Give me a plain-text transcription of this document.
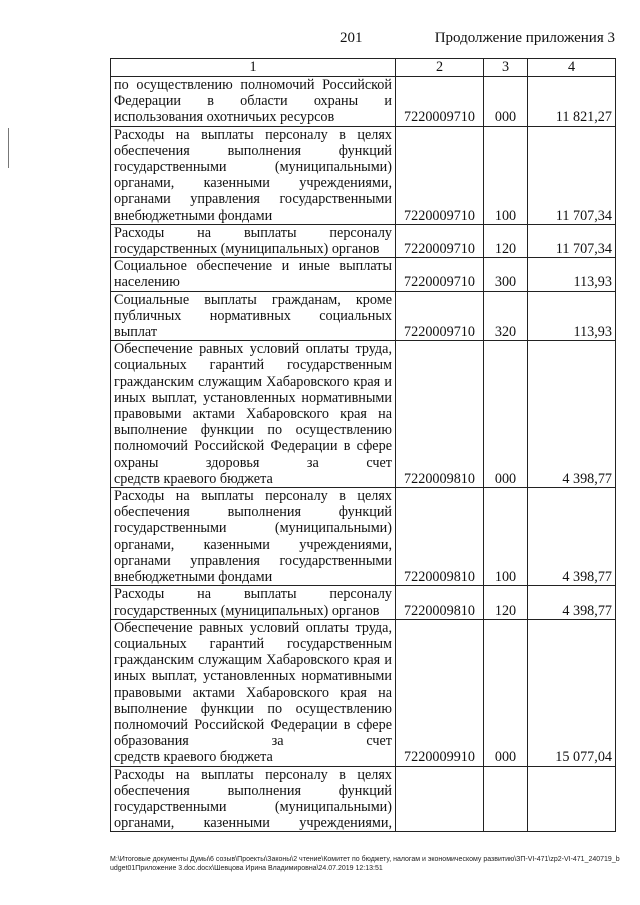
201	Продолжение приложения 3
1	2	3	4
по осуществлению полномочий Российской Федерации в области охраны и
использования охотничьих ресурсов	7220009710	000	11 821,27
Расходы на выплаты персоналу в целях обеспечения выполнения функций государственными (муниципальными) органами, казенными учреждениями, органами управления государственными
внебюджетными фондами	7220009710	100	11 707,34
Расходы на выплаты персоналу
государственных (муниципальных) органов	7220009710	120	11 707,34
Социальное обеспечение и иные выплаты
населению	7220009710	300	113,93
Социальные выплаты гражданам, кроме публичных нормативных социальных
выплат	7220009710	320	113,93
Обеспечение равных условий оплаты труда, социальных гарантий государственным гражданским служащим Хабаровского края и иных выплат, установленных нормативными правовыми актами Хабаровского края на выполнение функции по осуществлению полномочий Российской Федерации в сфере охраны здоровья за счет
средств краевого бюджета	7220009810	000	4 398,77
Расходы на выплаты персоналу в целях обеспечения выполнения функций государственными (муниципальными) органами, казенными учреждениями, органами управления государственными
внебюджетными фондами	7220009810	100	4 398,77
Расходы на выплаты персоналу
государственных (муниципальных) органов	7220009810	120	4 398,77
Обеспечение равных условий оплаты труда, социальных гарантий государственным гражданским служащим Хабаровского края и иных выплат, установленных нормативными правовыми актами Хабаровского края на выполнение функции по осуществлению полномочий Российской Федерации в сфере образования за счет
средств краевого бюджета	7220009910	000	15 077,04
Расходы на выплаты персоналу в целях обеспечения выполнения функций государственными (муниципальными) органами, казенными учреждениями,			
М:\Итоговые документы Думы\6 созыв\Проекты\Законы\2 чтение\Комитет по бюджету, налогам и экономическому развитию\ЗП-VI-471\zp2-VI-471_240719_budget01Приложение 3.doc.docx\Шевцова Ирина Владимировна\24.07.2019 12:13:51
